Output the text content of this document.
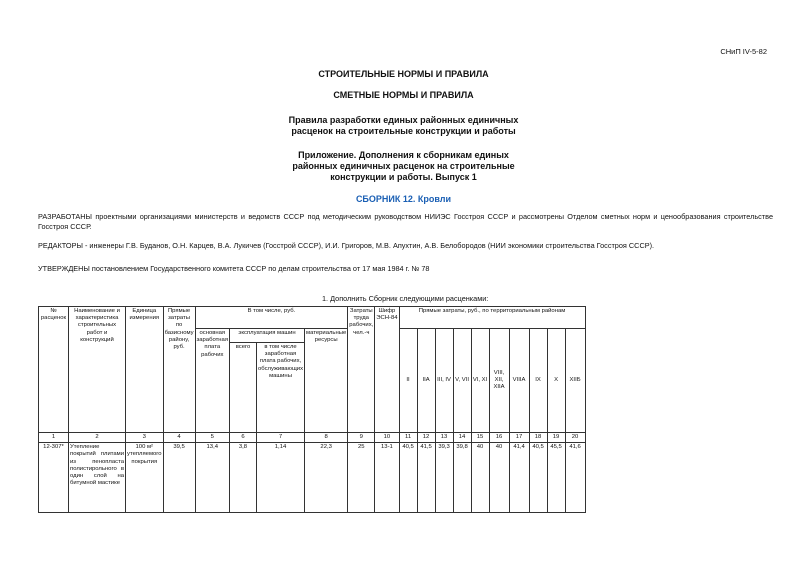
СНиП IV-5-82
СТРОИТЕЛЬНЫЕ НОРМЫ И ПРАВИЛА
СМЕТНЫЕ НОРМЫ И ПРАВИЛА
Правила разработки единых районных единичных
расценок на строительные конструкции и работы
Приложение. Дополнения к сборникам единых
районных единичных расценок на строительные
конструкции и работы. Выпуск 1
СБОРНИК 12. Кровли
РАЗРАБОТАНЫ проектными организациями министерств и ведомств СССР под методическим руководством НИИЭС Госстроя СССР и рассмотрены Отделом сметных норм и ценообразования строительстве Госстроя СССР.
РЕДАКТОРЫ - инженеры Г.В. Буданов, О.Н. Карцев, В.А. Лукичев (Госстрой СССР), И.И. Григоров, М.В. Апухтин, А.В. Белобородов (НИИ экономики строительства Госстроя СССР).
УТВЕРЖДЕНЫ постановлением Государственного комитета СССР по делам строительства от 17 мая 1984 г. № 78
1. Дополнить Сборник следующими расценками:
№ расценок	Наименование и характеристика строительных работ и конструкций	Единица измерения	Прямые затраты по базисному району, руб.	В том числе, руб.				Затраты труда рабочих, чел.-ч	Шифр ЭСН-84	Прямые затраты, руб., по территориальным районам									
				основная заработная плата рабочих	эксплуатация машин		материальные ресурсы			II	IIA	III, IV	V, VII	VI, XI	VIII, XII, XIIA	VIIIA	IX	X	XIIБ
					всего	в том числе заработная плата рабочих, обслуживающих машины													
1	2	3	4	5	6	7	8	9	10	11	12	13	14	15	16	17	18	19	20
12-307*	Утепление покрытий плитами из пенопласта полистирольного в один слой на битумной мастике	100 м² утепляемого покрытия	39,5	13,4	3,8	1,14	22,3	25	13-1	40,5	41,5	39,3	39,8	40	40	41,4	40,5	45,5	41,6
